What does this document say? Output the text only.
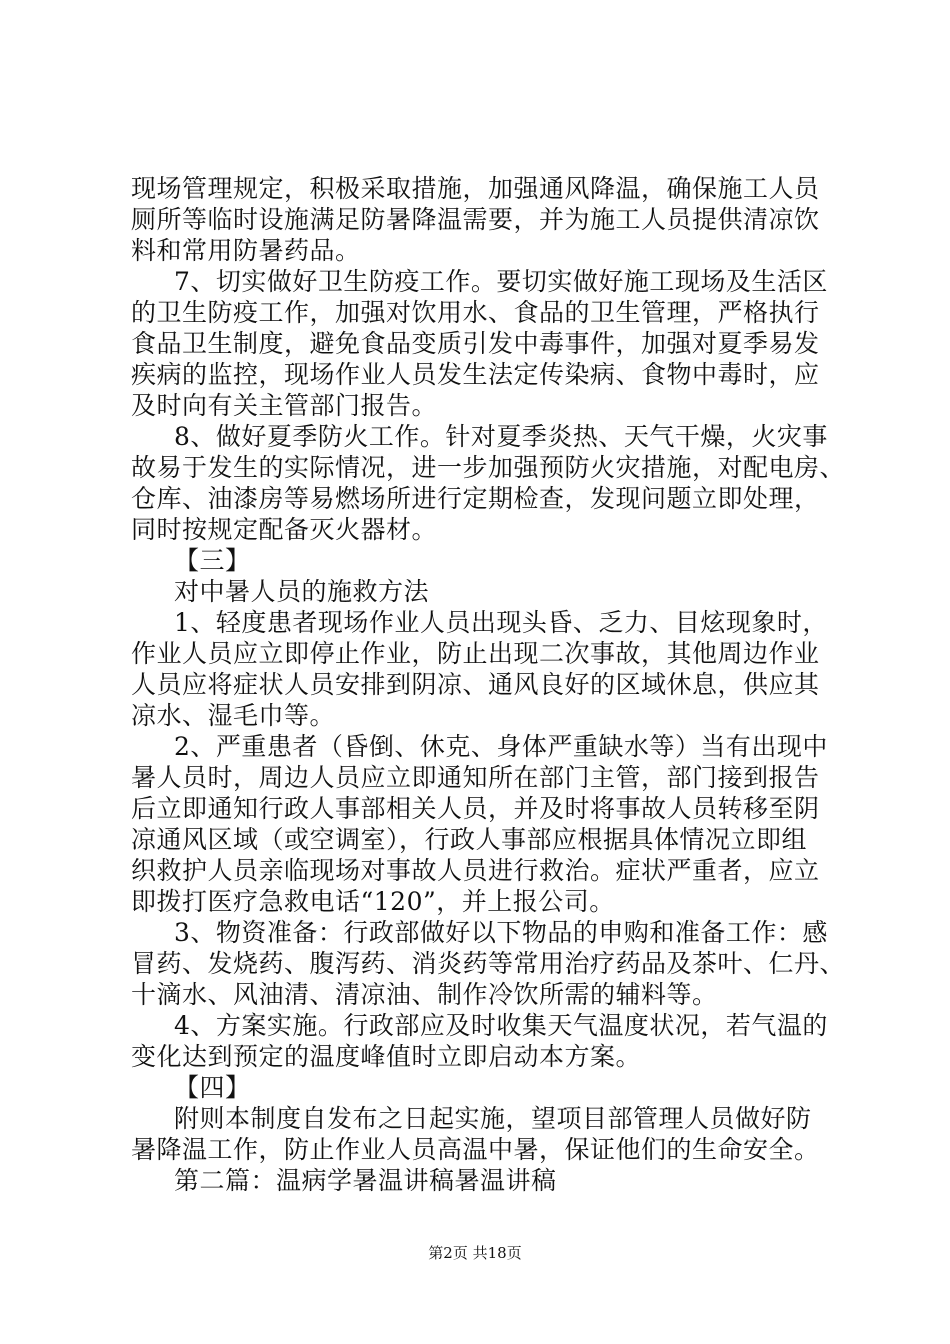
现场管理规定，积极采取措施，加强通风降温，确保施工人员
厕所等临时设施满足防暑降温需要，并为施工人员提供清凉饮
料和常用防暑药品。
7、切实做好卫生防疫工作。要切实做好施工现场及生活区
的卫生防疫工作，加强对饮用水、食品的卫生管理，严格执行
食品卫生制度，避免食品变质引发中毒事件，加强对夏季易发
疾病的监控，现场作业人员发生法定传染病、食物中毒时，应
及时向有关主管部门报告。
8、做好夏季防火工作。针对夏季炎热、天气干燥，火灾事
故易于发生的实际情况，进一步加强预防火灾措施，对配电房、
仓库、油漆房等易燃场所进行定期检查，发现问题立即处理，
同时按规定配备灭火器材。
【三】
对中暑人员的施救方法
1、轻度患者现场作业人员出现头昏、乏力、目炫现象时，
作业人员应立即停止作业，防止出现二次事故，其他周边作业
人员应将症状人员安排到阴凉、通风良好的区域休息，供应其
凉水、湿毛巾等。
2、严重患者（昏倒、休克、身体严重缺水等）当有出现中
暑人员时，周边人员应立即通知所在部门主管，部门接到报告
后立即通知行政人事部相关人员，并及时将事故人员转移至阴
凉通风区域（或空调室），行政人事部应根据具体情况立即组
织救护人员亲临现场对事故人员进行救治。症状严重者，应立
即拨打医疗急救电话“120”，并上报公司。
3、物资准备：行政部做好以下物品的申购和准备工作：感
冒药、发烧药、腹泻药、消炎药等常用治疗药品及茶叶、仁丹、
十滴水、风油清、清凉油、制作冷饮所需的辅料等。
4、方案实施。行政部应及时收集天气温度状况，若气温的
变化达到预定的温度峰值时立即启动本方案。
【四】
附则本制度自发布之日起实施，望项目部管理人员做好防
暑降温工作，防止作业人员高温中暑，保证他们的生命安全。
第二篇：温病学暑温讲稿暑温讲稿
第2页 共18页
